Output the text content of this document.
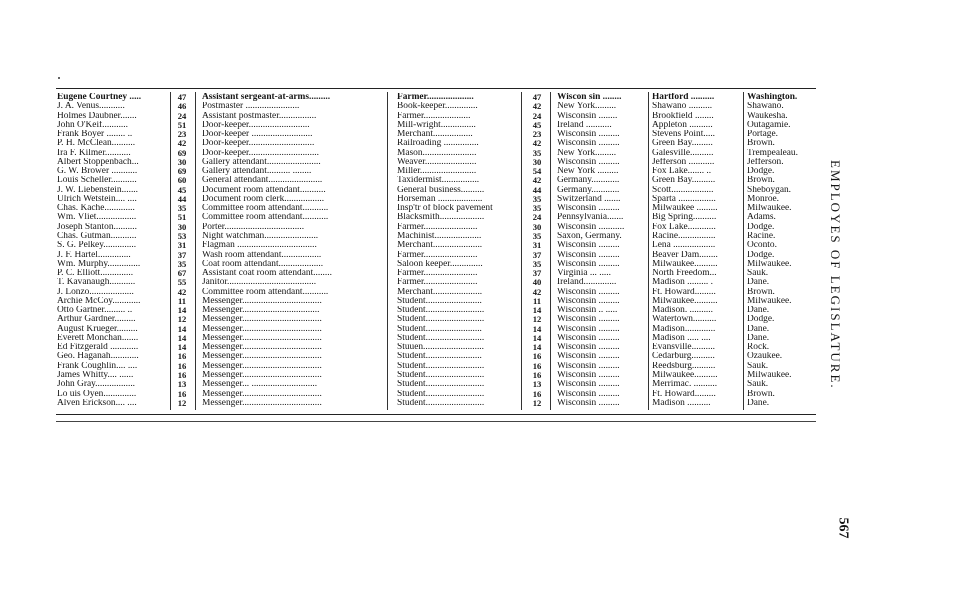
Eugene Courtney .....
J. A. Venus...........
Holmes Daubner.......
John O'Keif...........
Frank Boyer ........ ..
P. H. McClean..........
Ira F. Kilmer...........
Albert Stoppenbach...
G. W. Brower ...........
Louis Scheller...........
J. W. Liebenstein.......
Ulrich Wetstein.... ....
Chas. Kache.............
Wm. Vliet.................
Joseph Stanton..........
Chas. Gutman...........
S. G. Pelkey..............
J. F. Hartel..............
Wm. Murphy..............
P. C. Elliott..............
T. Kavanaugh...........
J. Lonzo...................
Archie McCoy............
Otto Gartner......... ..
Arthur Gardner.........
August Krueger.........
Everett Monchan.......
Ed Fitzgerald ............
Geo. Haganah............
Frank Coughlin.... ....
James Whitty.... ......
John Gray.................
Lo uis Oyen..............
Alven Erickson.... ....
47
46
24
51
23
42
69
30
69
60
45
44
35
51
30
53
31
37
35
67
55
42
11
14
12
14
14
14
16
16
16
13
16
12
Assistant sergeant-at-arms.........
Postmaster .......................
Assistant postmaster................
Door-keeper..........................
Door-keeper ..........................
Door-keeper............................
Door-keeper..............................
Gallery attendant.......................
Gallery attendant.......... ........
General attendant.......................
Document room attendant...........
Document room clerk.................
Committee room attendant...........
Committee room attendant...........
Porter..................................
Night watchman.......................
Flagman ..................................
Wash room attendant.................
Coat room attendant...................
Assistant coat room attendant........
Janitor......................................
Committee room attendant...........
Messenger..................................
Messenger.................................
Messenger..................................
Messenger..................................
Messenger..................................
Messenger..................................
Messenger..................................
Messenger..................................
Messenger..................................
Messenger... ............................
Messenger..................................
Messenger..................................
Farmer....................
Book-keeper..............
Farmer....................
Mill-wright...............
Merchant.................
Railroading ...............
Mason.......................
Weaver......................
Miller........................
Taxidermist................
General business..........
Horseman ...................
Insp'tr of block pavement
Blacksmith...................
Farmer.......................
Machinist....................
Merchant.....................
Farmer.......................
Saloon keeper..............
Farmer.......................
Farmer.......................
Merchant.....................
Student........................
Student.........................
Student.........................
Student........................
Student.........................
Stuuen..........................
Student........................
Student.........................
Student.........................
Student.........................
Student.........................
Student.........................
47
42
24
45
23
42
35
30
54
42
44
35
35
24
30
35
31
37
35
37
40
42
11
14
12
14
14
14
16
16
16
13
16
12
Wiscon sin ........
New York.........
Wisconsin ........
Ireland ...........
Wisconsin .........
Wisconsin .........
New York.........
Wisconsin .........
New York .........
Germany............
Germany............
Switzerland .......
Wisconsin .........
Pennsylvania.......
Wisconsin ...........
Saxon, Germany.
Wisconsin .........
Wisconsin .........
Wisconsin .........
Virginia ... .....
Ireland..............
Wisconsin .........
Wisconsin .........
Wisconsin .. .....
Wisconsin .........
Wisconsin .........
Wisconsin .........
Wisconsin .........
Wisconsin .........
Wisconsin .........
Wisconsin .........
Wisconsin .........
Wisconsin .........
Wisconsin .........
Hartford ..........
Shawano ..........
Brookfield ........
Appleton ..........
Stevens Point.....
Green Bay.........
Galesville..........
Jefferson ...........
Fox Lake....... ..
Green Bay..........
Scott..................
Sparta ................
Milwaukee .........
Big Spring..........
Fox Lake............
Racine................
Lena ..................
Beaver Dam........
Milwaukee..........
North Freedom...
Madison ......... .
Ft. Howard.........
Milwaukee..........
Madison. ..........
Watertown..........
Madison.............
Madison ..... ....
Evansville..........
Cedarburg..........
Reedsburg..........
Milwaukee..........
Merrimac. ..........
Ft. Howard.........
Madison ..........
Washington.
Shawano.
Waukesha.
Outagamie.
Portage.
Brown.
Trempealeau.
Jefferson.
Dodge.
Brown.
Sheboygan.
Monroe.
Milwaukee.
Adams.
Dodge.
Racine.
Oconto.
Dodge.
Milwaukee.
Sauk.
Dane.
Brown.
Milwaukee.
Dane.
Dodge.
Dane.
Dane.
Rock.
Ozaukee.
Sauk.
Milwaukee.
Sauk.
Brown.
Dane.
EMPLOYES OF LEGISLATURE.
567
